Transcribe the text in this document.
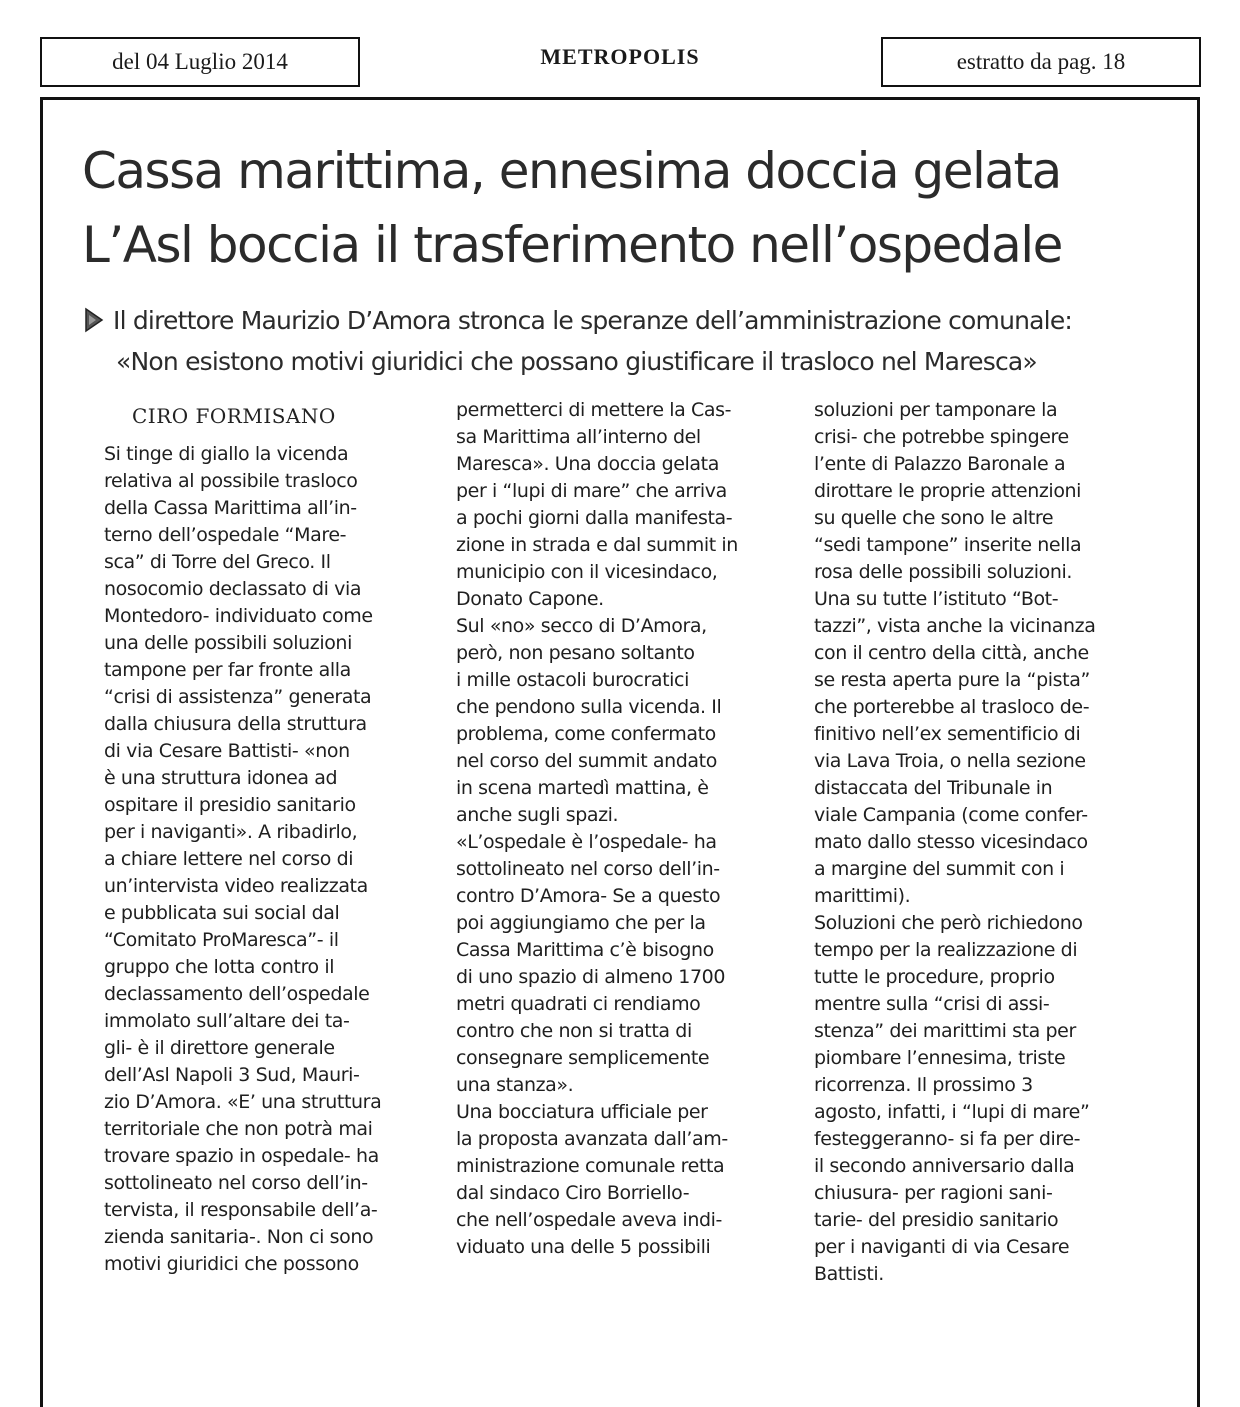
del 04 Luglio 2014	METROPOLIS	estratto da pag. 18
Cassa marittima, ennesima doccia gelata
L’Asl boccia il trasferimento nell’ospedale
Il direttore Maurizio D’Amora stronca le speranze dell’amministrazione comunale:
«Non esistono motivi giuridici che possano giustificare il trasloco nel Maresca»
CIRO FORMISANO
Si tinge di giallo la vicenda
relativa al possibile trasloco
della Cassa Marittima all’in-
terno dell’ospedale “Mare-
sca” di Torre del Greco. Il
nosocomio declassato di via
Montedoro- individuato come
una delle possibili soluzioni
tampone per far fronte alla
“crisi di assistenza” generata
dalla chiusura della struttura
di via Cesare Battisti- «non
è una struttura idonea ad
ospitare il presidio sanitario
per i naviganti». A ribadirlo,
a chiare lettere nel corso di
un’intervista video realizzata
e pubblicata sui social dal
“Comitato ProMaresca”- il
gruppo che lotta contro il
declassamento dell’ospedale
immolato sull’altare dei ta-
gli- è il direttore generale
dell’Asl Napoli 3 Sud, Mauri-
zio D’Amora. «E’ una struttura
territoriale che non potrà mai
trovare spazio in ospedale- ha
sottolineato nel corso dell’in-
tervista, il responsabile dell’a-
zienda sanitaria-. Non ci sono
motivi giuridici che possono
permetterci di mettere la Cas-
sa Marittima all’interno del
Maresca». Una doccia gelata
per i “lupi di mare” che arriva
a pochi giorni dalla manifesta-
zione in strada e dal summit in
municipio con il vicesindaco,
Donato Capone.
Sul «no» secco di D’Amora,
però, non pesano soltanto
i mille ostacoli burocratici
che pendono sulla vicenda. Il
problema, come confermato
nel corso del summit andato
in scena martedì mattina, è
anche sugli spazi.
«L’ospedale è l’ospedale- ha
sottolineato nel corso dell’in-
contro D’Amora- Se a questo
poi aggiungiamo che per la
Cassa Marittima c’è bisogno
di uno spazio di almeno 1700
metri quadrati ci rendiamo
contro che non si tratta di
consegnare semplicemente
una stanza».
Una bocciatura ufficiale per
la proposta avanzata dall’am-
ministrazione comunale retta
dal sindaco Ciro Borriello-
che nell’ospedale aveva indi-
viduato una delle 5 possibili
soluzioni per tamponare la
crisi- che potrebbe spingere
l’ente di Palazzo Baronale a
dirottare le proprie attenzioni
su quelle che sono le altre
“sedi tampone” inserite nella
rosa delle possibili soluzioni.
Una su tutte l’istituto “Bot-
tazzi”, vista anche la vicinanza
con il centro della città, anche
se resta aperta pure la “pista”
che porterebbe al trasloco de-
finitivo nell’ex sementificio di
via Lava Troia, o nella sezione
distaccata del Tribunale in
viale Campania (come confer-
mato dallo stesso vicesindaco
a margine del summit con i
marittimi).
Soluzioni che però richiedono
tempo per la realizzazione di
tutte le procedure, proprio
mentre sulla “crisi di assi-
stenza” dei marittimi sta per
piombare l’ennesima, triste
ricorrenza. Il prossimo 3
agosto, infatti, i “lupi di mare”
festeggeranno- si fa per dire-
il secondo anniversario dalla
chiusura- per ragioni sani-
tarie- del presidio sanitario
per i naviganti di via Cesare
Battisti.
